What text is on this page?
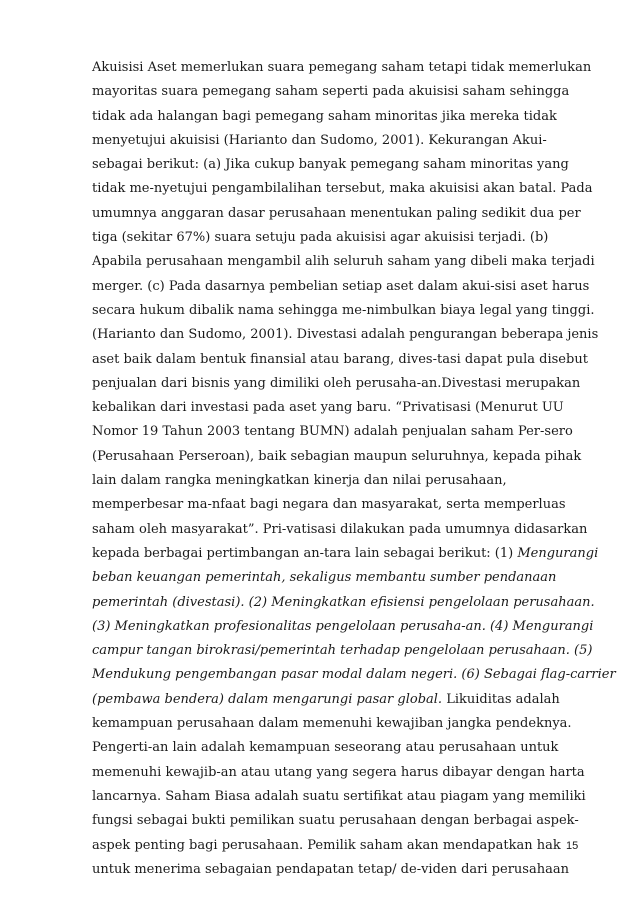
Akuisisi Aset memerlukan suara pemegang saham tetapi tidak memerlukan
mayoritas suara pemegang saham seperti pada akuisisi saham sehingga
tidak ada halangan bagi pemegang saham minoritas jika mereka tidak
menyetujui akuisisi (Harianto dan Sudomo, 2001). Kekurangan Akui-
sebagai berikut: (a) Jika cukup banyak pemegang saham minoritas yang
tidak me-nyetujui pengambilalihan tersebut, maka akuisisi akan batal. Pada
umumnya anggaran dasar perusahaan menentukan paling sedikit dua per
tiga (sekitar 67%) suara setuju pada akuisisi agar akuisisi terjadi. (b)
Apabila perusahaan mengambil alih seluruh saham yang dibeli maka terjadi
merger. (c) Pada dasarnya pembelian setiap aset dalam akui-sisi aset harus
secara hukum dibalik nama sehingga me-nimbulkan biaya legal yang tinggi.
(Harianto dan Sudomo, 2001). Divestasi adalah pengurangan beberapa jenis
aset baik dalam bentuk finansial atau barang, dives-tasi dapat pula disebut
penjualan dari bisnis yang dimiliki oleh perusaha-an.Divestasi merupakan
kebalikan dari investasi pada aset yang baru. “Privatisasi (Menurut UU
Nomor 19 Tahun 2003 tentang BUMN) adalah penjualan saham Per-sero
(Perusahaan Perseroan), baik sebagian maupun seluruhnya, kepada pihak
lain dalam rangka meningkatkan kinerja dan nilai perusahaan,
memperbesar ma-nfaat bagi negara dan masyarakat, serta memperluas
saham oleh masyarakat”. Pri-vatisasi dilakukan pada umumnya didasarkan
kepada berbagai pertimbangan an-tara lain sebagai berikut: (1) Mengurangi
beban keuangan pemerintah, sekaligus membantu sumber pendanaan
pemerintah (divestasi). (2) Meningkatkan efisiensi pengelolaan perusahaan.
(3) Meningkatkan profesionalitas pengelolaan perusaha-an. (4) Mengurangi
campur tangan birokrasi/pemerintah terhadap pengelolaan perusahaan. (5)
Mendukung pengembangan pasar modal dalam negeri. (6) Sebagai flag-carrier
(pembawa bendera) dalam mengarungi pasar global. Likuiditas adalah
kemampuan perusahaan dalam memenuhi kewajiban jangka pendeknya.
Pengerti-an lain adalah kemampuan seseorang atau perusahaan untuk
memenuhi kewajib-an atau utang yang segera harus dibayar dengan harta
lancarnya. Saham Biasa adalah suatu sertifikat atau piagam yang memiliki
fungsi sebagai bukti pemilikan suatu perusahaan dengan berbagai aspek-
aspek penting bagi perusahaan. Pemilik saham akan mendapatkan hak
untuk menerima sebagaian pendapatan tetap/ de-viden dari perusahaan
15
